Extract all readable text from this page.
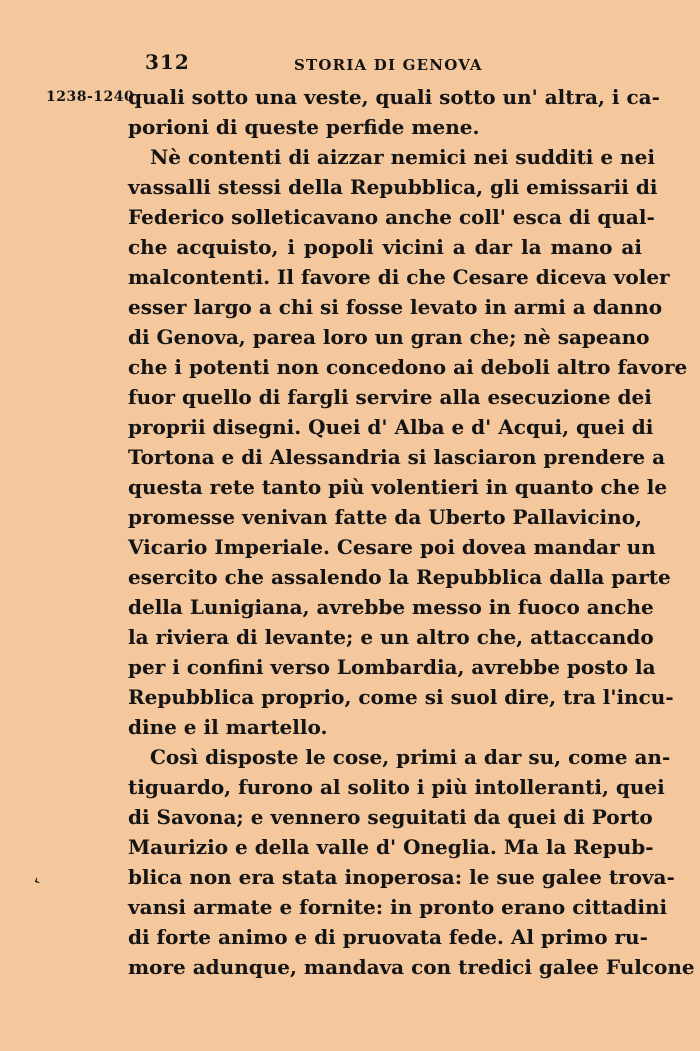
312	STORIA DI GENOVA
1238-1240
‹
quali sotto una veste, quali sotto un' altra, i ca-
porioni di queste perfide mene.
Nè contenti di aizzar nemici nei sudditi e nei
vassalli stessi della Repubblica, gli emissarii di
Federico solleticavano anche coll' esca di qual-
che acquisto, i popoli vicini a dar la mano ai
malcontenti. Il favore di che Cesare diceva voler
esser largo a chi si fosse levato in armi a danno
di Genova, parea loro un gran che; nè sapeano
che i potenti non concedono ai deboli altro favore
fuor quello di fargli servire alla esecuzione dei
proprii disegni. Quei d' Alba e d' Acqui, quei di
Tortona e di Alessandria si lasciaron prendere a
questa rete tanto più volentieri in quanto che le
promesse venivan fatte da Uberto Pallavicino,
Vicario Imperiale. Cesare poi dovea mandar un
esercito che assalendo la Repubblica dalla parte
della Lunigiana, avrebbe messo in fuoco anche
la riviera di levante; e un altro che, attaccando
per i confini verso Lombardia, avrebbe posto la
Repubblica proprio, come si suol dire, tra l'incu-
dine e il martello.
Così disposte le cose, primi a dar su, come an-
tiguardo, furono al solito i più intolleranti, quei
di Savona; e vennero seguitati da quei di Porto
Maurizio e della valle d' Oneglia. Ma la Repub-
blica non era stata inoperosa: le sue galee trova-
vansi armate e fornite: in pronto erano cittadini
di forte animo e di pruovata fede. Al primo ru-
more adunque, mandava con tredici galee Fulcone
